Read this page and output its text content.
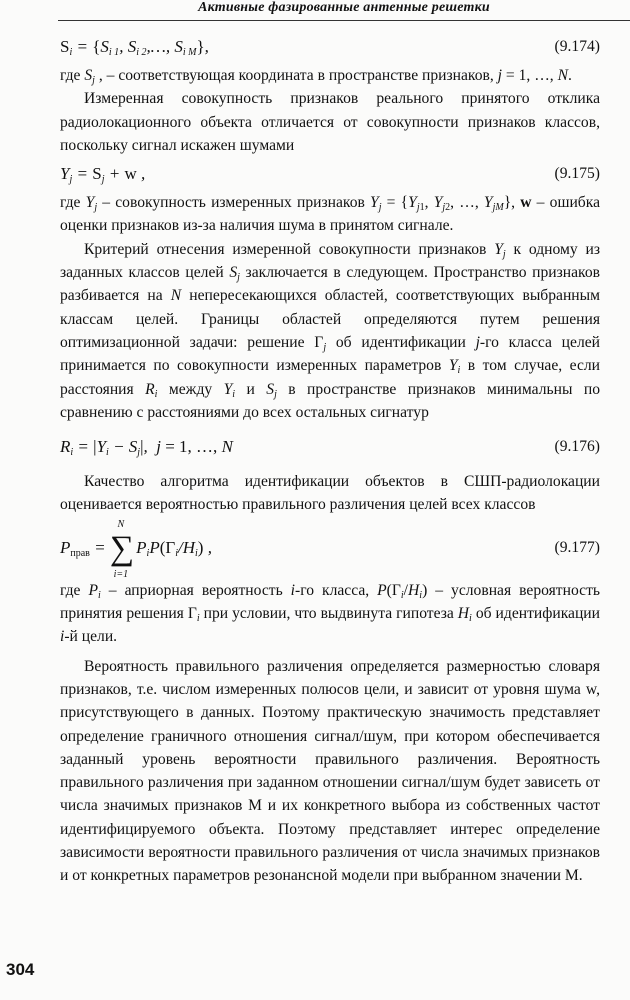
Активные фазированные антенные решетки
$S_i = \{S_{i 1}$, $S_{i 2},\dots$, $S_{i M}$},	(9.174)

где $S_j$ , – соответствующая координата в пространстве признаков, j = 1, …, N.

Измеренная совокупность признаков реального принятого отклика радиолокационного объекта отличается от совокупности признаков классов, поскольку сигнал искажен шумами

$Y_j = S_j + w$ ,	(9.175)

где $Y_j$ – совокупность измеренных признаков $Y_j = \{Y_{j1}$, $Y_{j2}$, …, $Y_{jM}$}, w – ошибка оценки признаков из-за наличия шума в принятом сигнале.

Критерий отнесения измеренной совокупности признаков $Y_j$ к одному из заданных классов целей $S_j$ заключается в следующем. Пространство признаков разбивается на N непересекающихся областей, соответствующих выбранным классам целей. Границы областей определяются путем решения оптимизационной задачи: решение $\Gamma_j$ об идентификации j-го класса целей принимается по совокупности измеренных параметров $Y_i$ в том случае, если расстояния $R_i$ между $Y_i$ и $S_j$ в пространстве признаков минимальны по сравнению с расстояниями до всех остальных сигнатур

$R_i = |Y_i - S_j|$,  j = 1, …, N	(9.176)

Качество алгоритма идентификации объектов в СШП-радиолокации оценивается вероятностью правильного различения целей всех классов

$P_{прав}$ =
N
∑
i=1
$P_iP(\Gamma_i/H_i)$ ,	(9.177)

где $P_i$ – априорная вероятность i-го класса, $P(\Gamma_i/H_i)$ – условная вероятность принятия решения $\Gamma_i$ при условии, что выдвинута гипотеза $H_i$ об идентификации i-й цели.

Вероятность правильного различения определяется размерностью словаря признаков, т.е. числом измеренных полюсов цели, и зависит от уровня шума w, присутствующего в данных. Поэтому практическую значимость представляет определение граничного отношения сигнал/шум, при котором обеспечивается заданный уровень вероятности правильного различения. Вероятность правильного различения при заданном отношении сигнал/шум будет зависеть от числа значимых признаков M и их конкретного выбора из собственных частот идентифицируемого объекта. Поэтому представляет интерес определение зависимости вероятности правильного различения от числа значимых признаков и от конкретных параметров резонансной модели при выбранном значении M.

304
